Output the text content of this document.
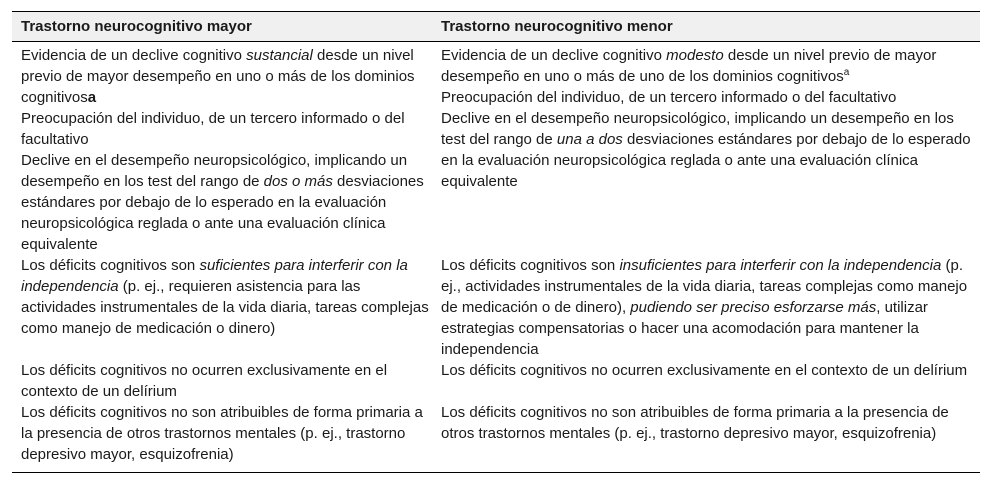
Trastorno neurocognitivo mayor	Trastorno neurocognitivo menor
Evidencia de un declive cognitivo sustancial desde un nivel previo de mayor desempeño en uno o más de los dominios cognitivosa
Preocupación del individuo, de un tercero informado o del facultativo
Declive en el desempeño neuropsicológico, implicando un desempeño en los test del rango de dos o más desviaciones estándares por debajo de lo esperado en la evaluación neuropsicológica reglada o ante una evaluación clínica equivalente
Evidencia de un declive cognitivo modesto desde un nivel previo de mayor desempeño en uno o más de uno de los dominios cognitivos$^a$
Preocupación del individuo, de un tercero informado o del facultativo
Declive en el desempeño neuropsicológico, implicando un desempeño en los test del rango de una a dos desviaciones estándares por debajo de lo esperado en la evaluación neuropsicológica reglada o ante una evaluación clínica equivalente
Los déficits cognitivos son suficientes para interferir con la independencia (p. ej., requieren asistencia para las actividades instrumentales de la vida diaria, tareas complejas como manejo de medicación o dinero)
Los déficits cognitivos son insuficientes para interferir con la independencia (p. ej., actividades instrumentales de la vida diaria, tareas complejas como manejo de medicación o de dinero), pudiendo ser preciso esforzarse más, utilizar estrategias compensatorias o hacer una acomodación para mantener la independencia
Los déficits cognitivos no ocurren exclusivamente en el contexto de un delírium
Los déficits cognitivos no ocurren exclusivamente en el contexto de un delírium
Los déficits cognitivos no son atribuibles de forma primaria a la presencia de otros trastornos mentales (p. ej., trastorno depresivo mayor, esquizofrenia)
Los déficits cognitivos no son atribuibles de forma primaria a la presencia de otros trastornos mentales (p. ej., trastorno depresivo mayor, esquizofrenia)
